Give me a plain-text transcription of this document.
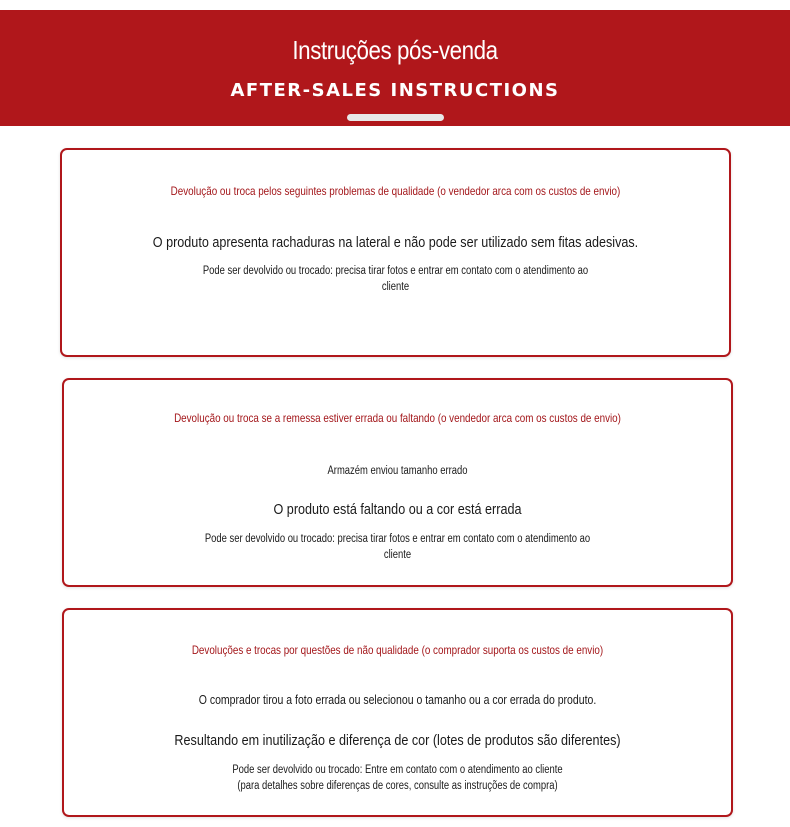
Instruções pós-venda
AFTER-SALES INSTRUCTIONS
Devolução ou troca pelos seguintes problemas de qualidade (o vendedor arca com os custos de envio)
O produto apresenta rachaduras na lateral e não pode ser utilizado sem fitas adesivas.
Pode ser devolvido ou trocado: precisa tirar fotos e entrar em contato com o atendimento ao
cliente
Devolução ou troca se a remessa estiver errada ou faltando (o vendedor arca com os custos de envio)
Armazém enviou tamanho errado
O produto está faltando ou a cor está errada
Pode ser devolvido ou trocado: precisa tirar fotos e entrar em contato com o atendimento ao
cliente
Devoluções e trocas por questões de não qualidade (o comprador suporta os custos de envio)
O comprador tirou a foto errada ou selecionou o tamanho ou a cor errada do produto.
Resultando em inutilização e diferença de cor (lotes de produtos são diferentes)
Pode ser devolvido ou trocado: Entre em contato com o atendimento ao cliente
(para detalhes sobre diferenças de cores, consulte as instruções de compra)
